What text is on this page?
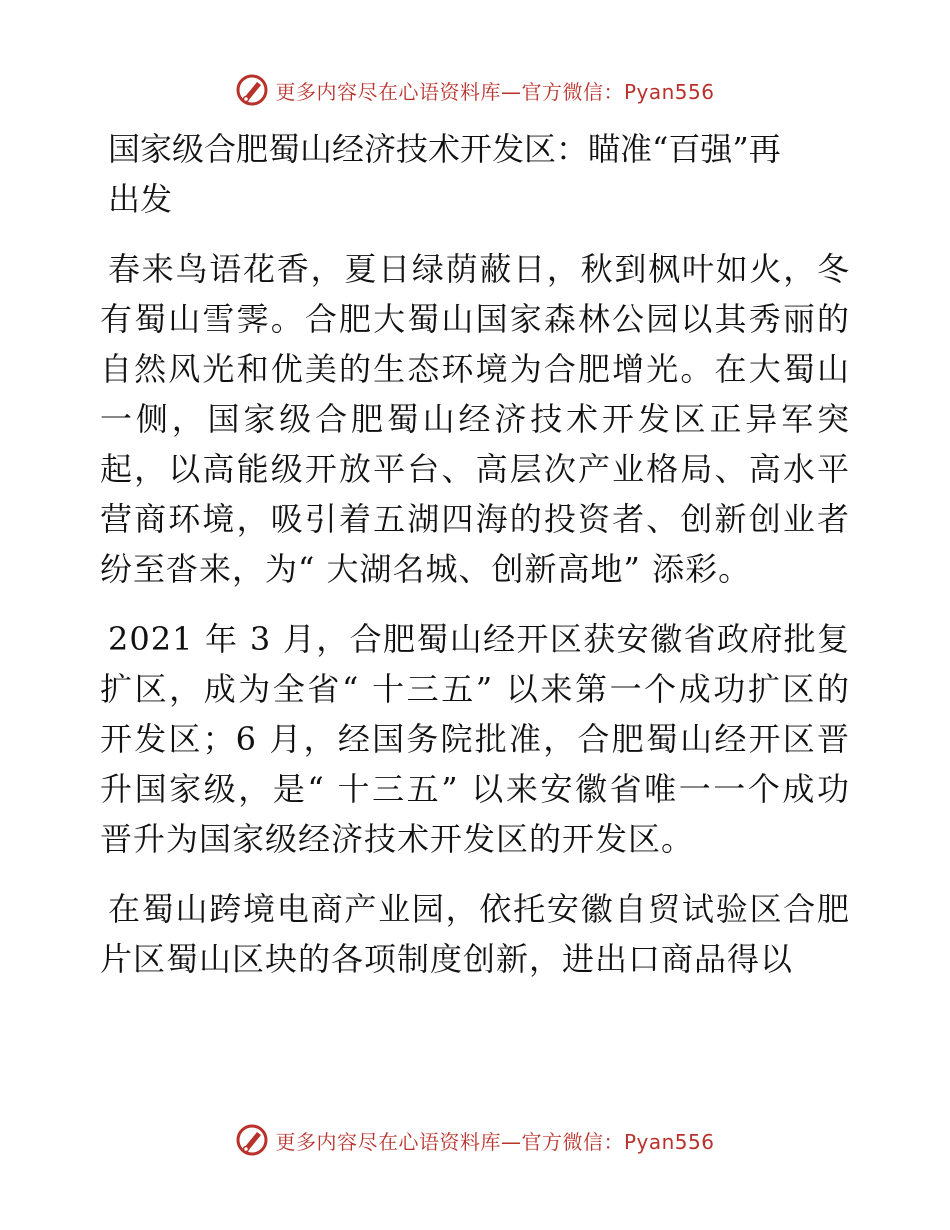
更多内容尽在心语资料库—官方微信：Pyan556
国家级合肥蜀山经济技术开发区：瞄准“百强”再出发

春来鸟语花香，夏日绿荫蔽日，秋到枫叶如火，冬有蜀山雪霁。合肥大蜀山国家森林公园以其秀丽的自然风光和优美的生态环境为合肥增光。在大蜀山一侧，国家级合肥蜀山经济技术开发区正异军突起，以高能级开放平台、高层次产业格局、高水平营商环境，吸引着五湖四海的投资者、创新创业者纷至沓来，为“ 大湖名城、创新高地” 添彩。

2021 年 3 月，合肥蜀山经开区获安徽省政府批复扩区，成为全省“ 十三五” 以来第一个成功扩区的开发区；6 月，经国务院批准，合肥蜀山经开区晋升国家级，是“ 十三五” 以来安徽省唯一一个成功晋升为国家级经济技术开发区的开发区。

在蜀山跨境电商产业园，依托安徽自贸试验区合肥片区蜀山区块的各项制度创新，进出口商品得以

更多内容尽在心语资料库—官方微信：Pyan556
